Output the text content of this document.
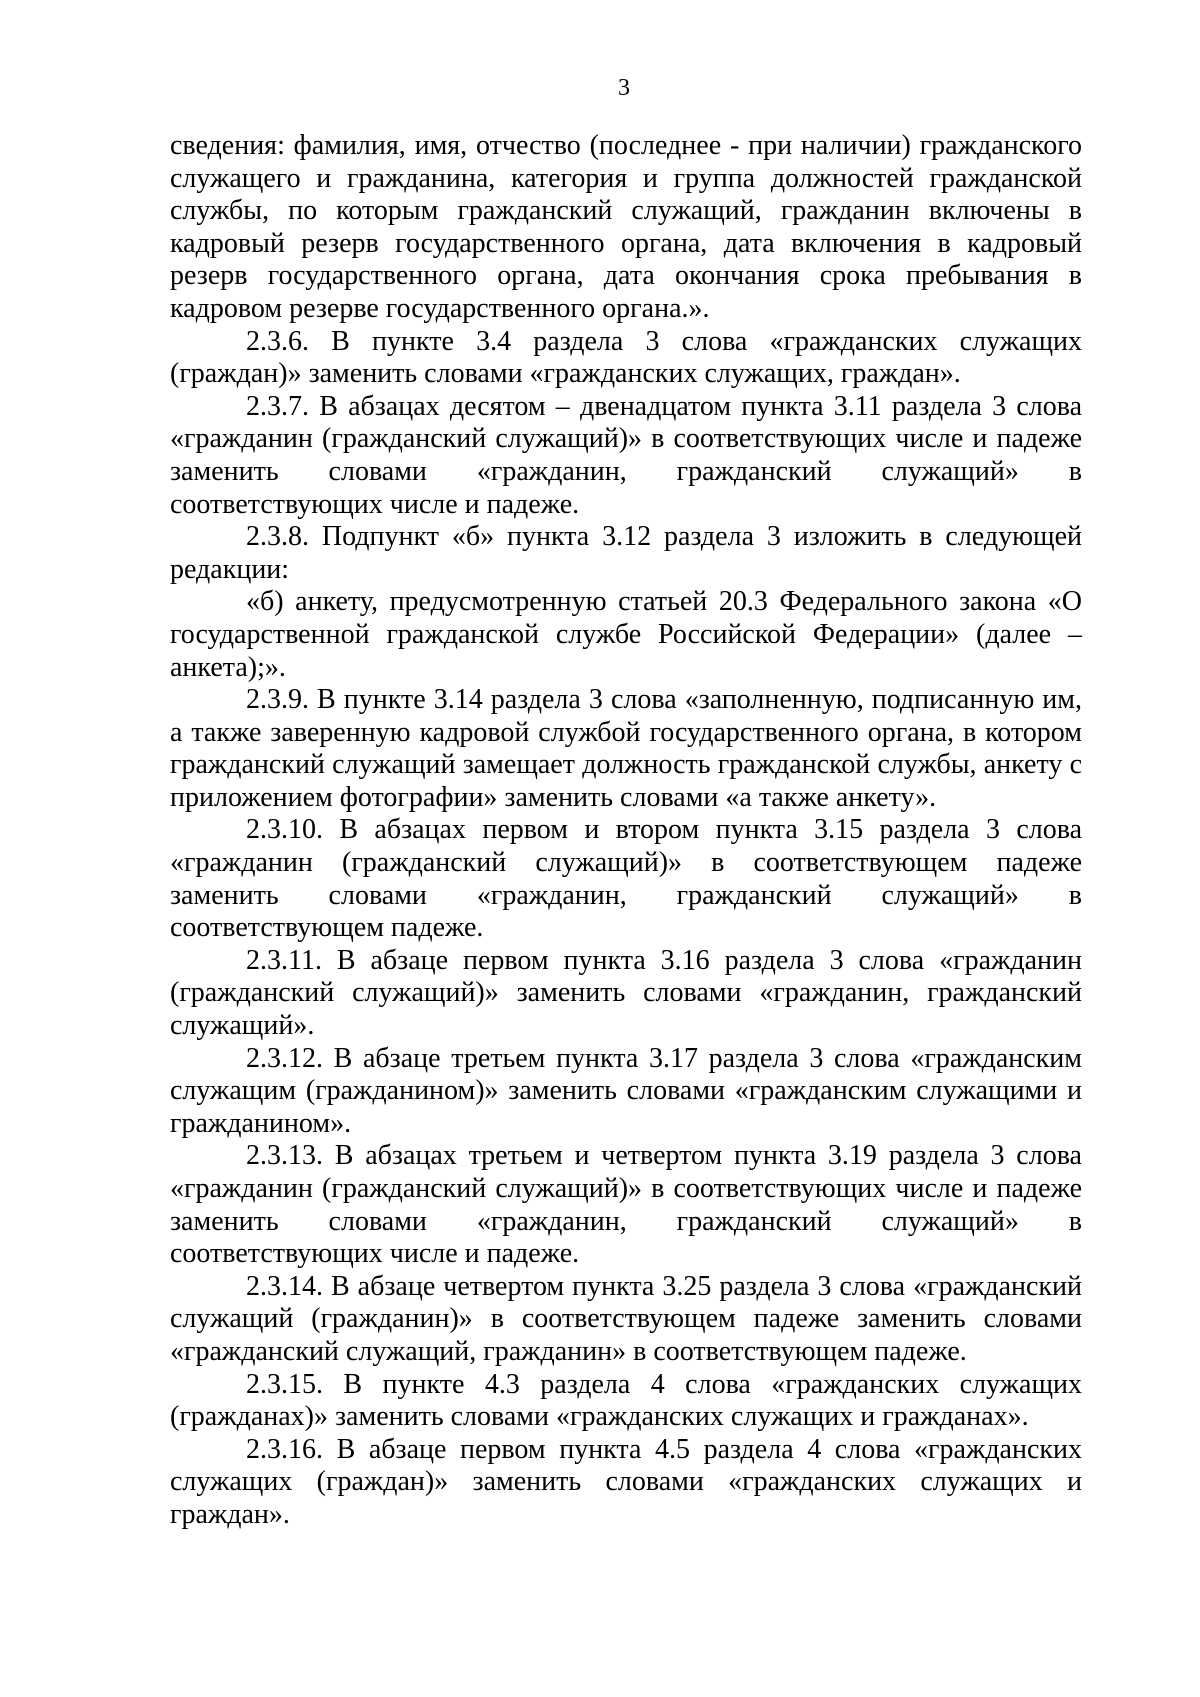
3

сведения: фамилия, имя, отчество (последнее - при наличии) гражданского служащего и гражданина, категория и группа должностей гражданской службы, по которым гражданский служащий, гражданин включены в кадровый резерв государственного органа, дата включения в кадровый резерв государственного органа, дата окончания срока пребывания в кадровом резерве государственного органа.».

2.3.6. В пункте 3.4 раздела 3 слова «гражданских служащих (граждан)» заменить словами «гражданских служащих, граждан».

2.3.7. В абзацах десятом – двенадцатом пункта 3.11 раздела 3 слова «гражданин (гражданский служащий)» в соответствующих числе и падеже заменить словами «гражданин, гражданский служащий» в соответствующих числе и падеже.

2.3.8. Подпункт «б» пункта 3.12 раздела 3 изложить в следующей редакции:

«б) анкету, предусмотренную статьей 20.3 Федерального закона «О государственной гражданской службе Российской Федерации» (далее – анкета);».

2.3.9. В пункте 3.14 раздела 3 слова «заполненную, подписанную им, а также заверенную кадровой службой государственного органа, в котором гражданский служащий замещает должность гражданской службы, анкету с приложением фотографии» заменить словами «а также анкету».

2.3.10. В абзацах первом и втором пункта 3.15 раздела 3 слова «гражданин (гражданский служащий)» в соответствующем падеже заменить словами «гражданин, гражданский служащий» в соответствующем падеже.

2.3.11. В абзаце первом пункта 3.16 раздела 3 слова «гражданин (гражданский служащий)» заменить словами «гражданин, гражданский служащий».

2.3.12. В абзаце третьем пункта 3.17 раздела 3 слова «гражданским служащим (гражданином)» заменить словами «гражданским служащими и гражданином».

2.3.13. В абзацах третьем и четвертом пункта 3.19 раздела 3 слова «гражданин (гражданский служащий)» в соответствующих числе и падеже заменить словами «гражданин, гражданский служащий» в соответствующих числе и падеже.

2.3.14. В абзаце четвертом пункта 3.25 раздела 3 слова «гражданский служащий (гражданин)» в соответствующем падеже заменить словами «гражданский служащий, гражданин» в соответствующем падеже.

2.3.15. В пункте 4.3 раздела 4 слова «гражданских служащих (гражданах)» заменить словами «гражданских служащих и гражданах».

2.3.16. В абзаце первом пункта 4.5 раздела 4 слова «гражданских служащих (граждан)» заменить словами «гражданских служащих и граждан».
